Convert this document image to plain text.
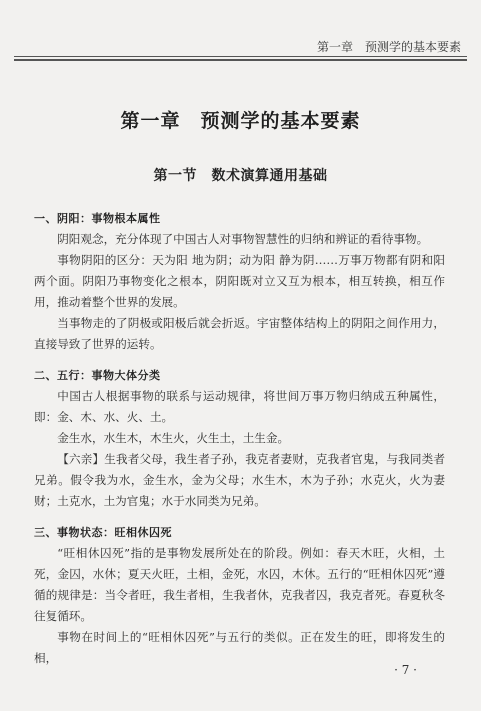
第一章　预测学的基本要素
第一章　预测学的基本要素
第一节　数术演算通用基础
一、阴阳：事物根本属性

阴阳观念，充分体现了中国古人对事物智慧性的归纳和辨证的看待事物。

事物阴阳的区分：天为阳 地为阴；动为阳 静为阴……万事万物都有阴和阳两个面。阴阳乃事物变化之根本，阴阳既对立又互为根本，相互转换，相互作用，推动着整个世界的发展。

当事物走的了阴极或阳极后就会折返。宇宙整体结构上的阴阳之间作用力，直接导致了世界的运转。

二、五行：事物大体分类

中国古人根据事物的联系与运动规律，将世间万事万物归纳成五种属性，即：金、木、水、火、土。

金生水，水生木，木生火，火生土，土生金。

【六亲】生我者父母，我生者子孙，我克者妻财，克我者官鬼，与我同类者兄弟。假令我为水，金生水，金为父母；水生木，木为子孙；水克火，火为妻财；土克水，土为官鬼；水于水同类为兄弟。

三、事物状态：旺相休囚死

“旺相休囚死”指的是事物发展所处在的阶段。例如：春天木旺，火相，土死，金囚，水休；夏天火旺，土相，金死，水囚，木休。五行的“旺相休囚死”遵循的规律是：当令者旺，我生者相，生我者休，克我者囚，我克者死。春夏秋冬往复循环。

事物在时间上的“旺相休囚死”与五行的类似。正在发生的旺，即将发生的相，

· 7 ·
